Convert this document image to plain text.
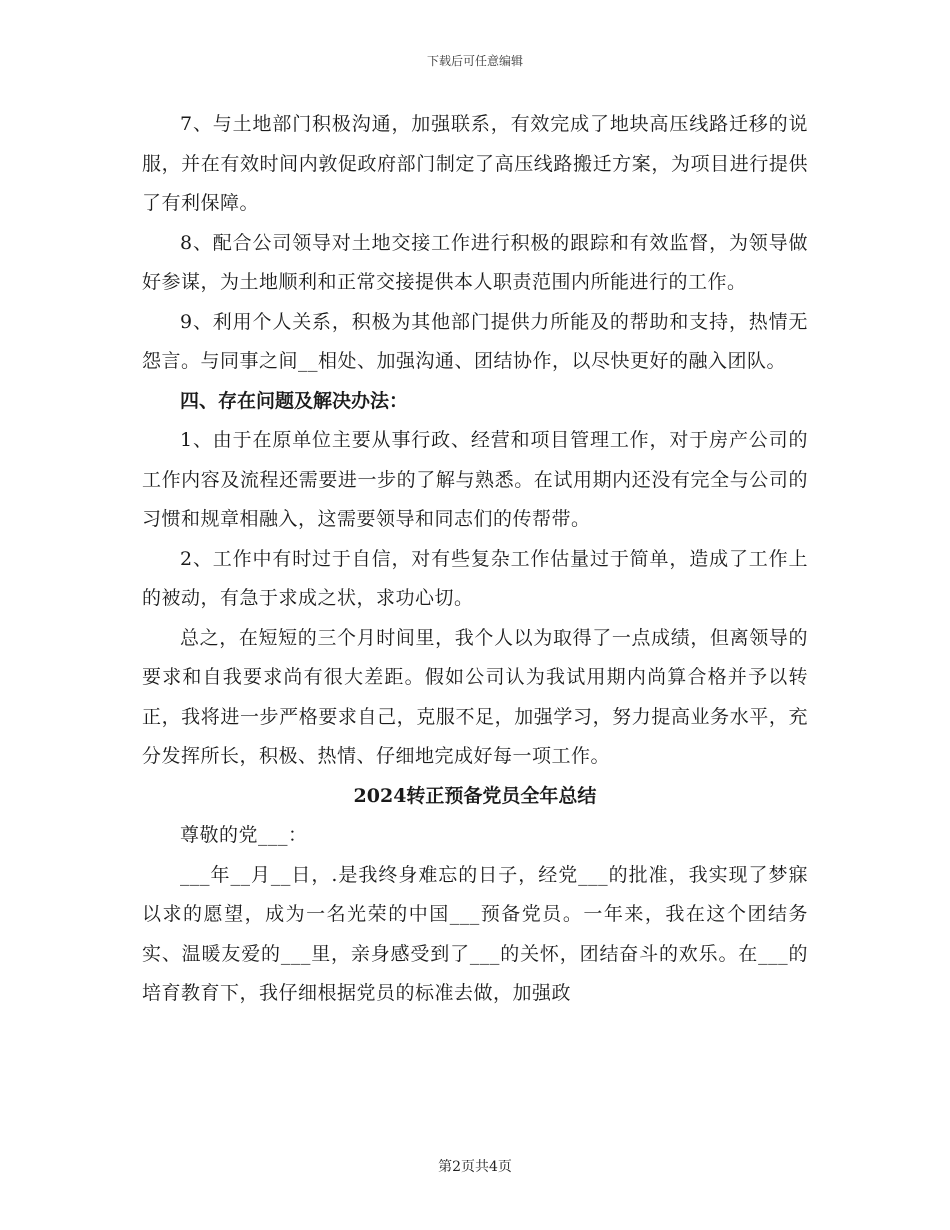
下载后可任意编辑

7、与土地部门积极沟通，加强联系，有效完成了地块高压线路迁移的说服，并在有效时间内敦促政府部门制定了高压线路搬迁方案，为项目进行提供了有利保障。

8、配合公司领导对土地交接工作进行积极的跟踪和有效监督，为领导做好参谋，为土地顺利和正常交接提供本人职责范围内所能进行的工作。

9、利用个人关系，积极为其他部门提供力所能及的帮助和支持，热情无怨言。与同事之间__相处、加强沟通、团结协作，以尽快更好的融入团队。

四、存在问题及解决办法：

1、由于在原单位主要从事行政、经营和项目管理工作，对于房产公司的工作内容及流程还需要进一步的了解与熟悉。在试用期内还没有完全与公司的习惯和规章相融入，这需要领导和同志们的传帮带。

2、工作中有时过于自信，对有些复杂工作估量过于简单，造成了工作上的被动，有急于求成之状，求功心切。

总之，在短短的三个月时间里，我个人以为取得了一点成绩，但离领导的要求和自我要求尚有很大差距。假如公司认为我试用期内尚算合格并予以转正，我将进一步严格要求自己，克服不足，加强学习，努力提高业务水平，充分发挥所长，积极、热情、仔细地完成好每一项工作。

2024转正预备党员全年总结

尊敬的党___：

___年__月__日，.是我终身难忘的日子，经党___的批准，我实现了梦寐以求的愿望，成为一名光荣的中国___预备党员。一年来，我在这个团结务实、温暖友爱的___里，亲身感受到了___的关怀，团结奋斗的欢乐。在___的培育教育下，我仔细根据党员的标准去做，加强政

第2页共4页
